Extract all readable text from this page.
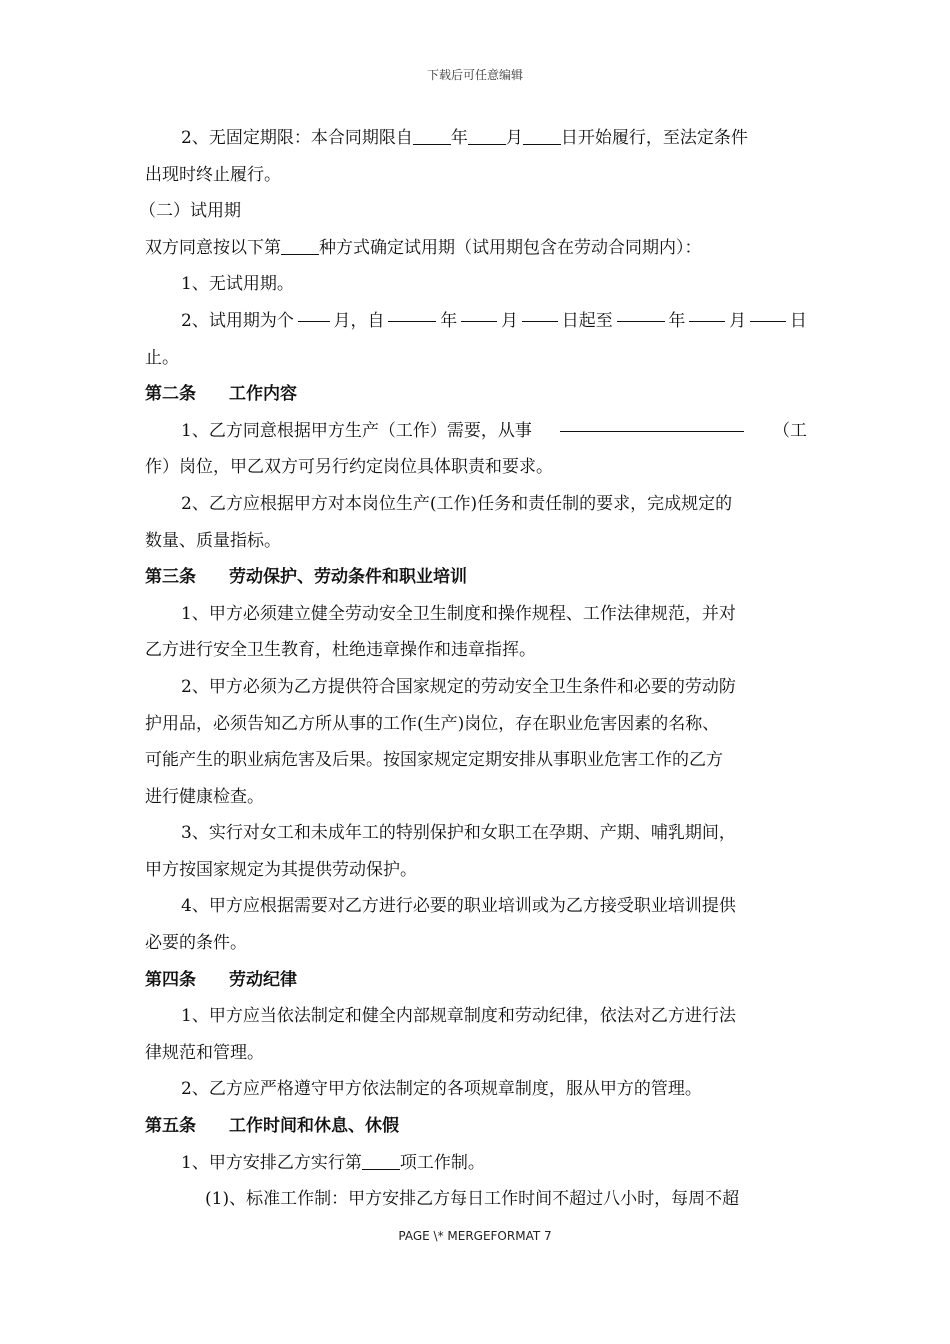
下载后可任意编辑
2、无固定期限：本合同期限自 年 月 日开始履行，至法定条件
出现时终止履行。
（二）试用期
双方同意按以下第 种方式确定试用期（试用期包含在劳动合同期内）：
1、无试用期。
2、试用期为个 月，自	年	月	日起至	年	月	日
止。
第二条 工作内容
1、乙方同意根据甲方生产（工作）需要，从事	（工
作）岗位，甲乙双方可另行约定岗位具体职责和要求。
2、乙方应根据甲方对本岗位生产(工作)任务和责任制的要求，完成规定的
数量、质量指标。
第三条 劳动保护、劳动条件和职业培训
1、甲方必须建立健全劳动安全卫生制度和操作规程、工作法律规范，并对
乙方进行安全卫生教育，杜绝违章操作和违章指挥。
2、甲方必须为乙方提供符合国家规定的劳动安全卫生条件和必要的劳动防
护用品，必须告知乙方所从事的工作(生产)岗位，存在职业危害因素的名称、
可能产生的职业病危害及后果。按国家规定定期安排从事职业危害工作的乙方
进行健康检查。
3、实行对女工和未成年工的特别保护和女职工在孕期、产期、哺乳期间，
甲方按国家规定为其提供劳动保护。
4、甲方应根据需要对乙方进行必要的职业培训或为乙方接受职业培训提供
必要的条件。
第四条 劳动纪律
1、甲方应当依法制定和健全内部规章制度和劳动纪律，依法对乙方进行法
律规范和管理。
2、乙方应严格遵守甲方依法制定的各项规章制度，服从甲方的管理。
第五条 工作时间和休息、休假
1、甲方安排乙方实行第 项工作制。
(1)、标准工作制：甲方安排乙方每日工作时间不超过八小时，每周不超
PAGE \* MERGEFORMAT 7
